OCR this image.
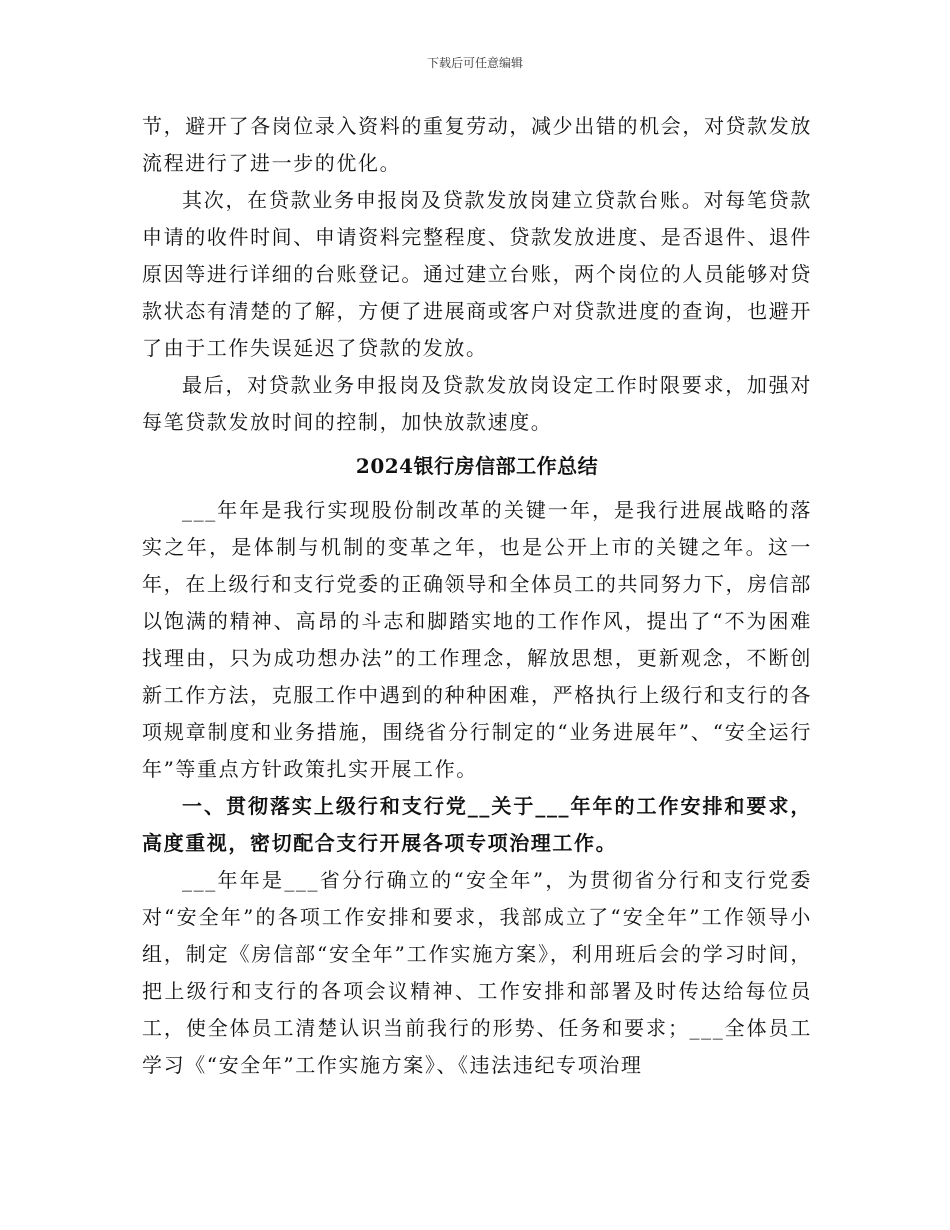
下载后可任意编辑

节，避开了各岗位录入资料的重复劳动，减少出错的机会，对贷款发放流程进行了进一步的优化。

其次，在贷款业务申报岗及贷款发放岗建立贷款台账。对每笔贷款申请的收件时间、申请资料完整程度、贷款发放进度、是否退件、退件原因等进行详细的台账登记。通过建立台账，两个岗位的人员能够对贷款状态有清楚的了解，方便了进展商或客户对贷款进度的查询，也避开了由于工作失误延迟了贷款的发放。

最后，对贷款业务申报岗及贷款发放岗设定工作时限要求，加强对每笔贷款发放时间的控制，加快放款速度。

2024银行房信部工作总结

___年年是我行实现股份制改革的关键一年，是我行进展战略的落实之年，是体制与机制的变革之年，也是公开上市的关键之年。这一年，在上级行和支行党委的正确领导和全体员工的共同努力下，房信部以饱满的精神、高昂的斗志和脚踏实地的工作作风，提出了“不为困难找理由，只为成功想办法”的工作理念，解放思想，更新观念，不断创新工作方法，克服工作中遇到的种种困难，严格执行上级行和支行的各项规章制度和业务措施，围绕省分行制定的“业务进展年”、“安全运行年”等重点方针政策扎实开展工作。

一、贯彻落实上级行和支行党__关于___年年的工作安排和要求，高度重视，密切配合支行开展各项专项治理工作。

___年年是___省分行确立的“安全年”，为贯彻省分行和支行党委对“安全年”的各项工作安排和要求，我部成立了“安全年”工作领导小组，制定《房信部“安全年”工作实施方案》，利用班后会的学习时间，把上级行和支行的各项会议精神、工作安排和部署及时传达给每位员工，使全体员工清楚认识当前我行的形势、任务和要求；___全体员工学习《“安全年”工作实施方案》、《违法违纪专项治理
